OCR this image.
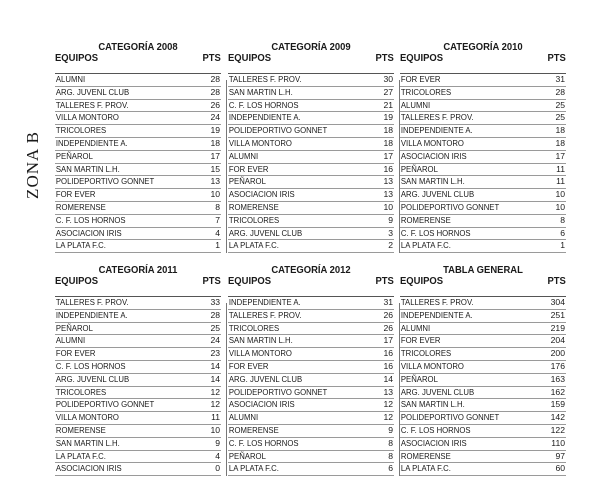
ZONA B
CATEGORÍA 2008
EQUIPOS	PTS
ALUMNI	28
ARG. JUVENL CLUB	28
TALLERES F. PROV.	26
VILLA MONTORO	24
TRICOLORES	19
INDEPENDIENTE A.	18
PEÑAROL	17
SAN MARTIN L.H.	15
POLIDEPORTIVO GONNET	13
FOR EVER	10
ROMERENSE	8
C. F. LOS HORNOS	7
ASOCIACION IRIS	4
LA PLATA F.C.	1
CATEGORÍA 2009
EQUIPOS	PTS
TALLERES F. PROV.	30
SAN MARTIN L.H.	27
C. F. LOS HORNOS	21
INDEPENDIENTE A.	19
POLIDEPORTIVO GONNET	18
VILLA MONTORO	18
ALUMNI	17
FOR EVER	16
PEÑAROL	13
ASOCIACION IRIS	13
ROMERENSE	10
TRICOLORES	9
ARG. JUVENL CLUB	3
LA PLATA F.C.	2
CATEGORÍA 2010
EQUIPOS	PTS
FOR EVER	31
TRICOLORES	28
ALUMNI	25
TALLERES F. PROV.	25
INDEPENDIENTE A.	18
VILLA MONTORO	18
ASOCIACION IRIS	17
PEÑAROL	11
SAN MARTIN L.H.	11
ARG. JUVENL CLUB	10
POLIDEPORTIVO GONNET	10
ROMERENSE	8
C. F. LOS HORNOS	6
LA PLATA F.C.	1
CATEGORÍA 2011
EQUIPOS	PTS
TALLERES F. PROV.	33
INDEPENDIENTE A.	28
PEÑAROL	25
ALUMNI	24
FOR EVER	23
C. F. LOS HORNOS	14
ARG. JUVENL CLUB	14
TRICOLORES	12
POLIDEPORTIVO GONNET	12
VILLA MONTORO	11
ROMERENSE	10
SAN MARTIN L.H.	9
LA PLATA F.C.	4
ASOCIACION IRIS	0
CATEGORÍA 2012
EQUIPOS	PTS
INDEPENDIENTE A.	31
TALLERES F. PROV.	26
TRICOLORES	26
SAN MARTIN L.H.	17
VILLA MONTORO	16
FOR EVER	16
ARG. JUVENL CLUB	14
POLIDEPORTIVO GONNET	13
ASOCIACION IRIS	12
ALUMNI	12
ROMERENSE	9
C. F. LOS HORNOS	8
PEÑAROL	8
LA PLATA F.C.	6
TABLA GENERAL
EQUIPOS	PTS
TALLERES F. PROV.	304
INDEPENDIENTE A.	251
ALUMNI	219
FOR EVER	204
TRICOLORES	200
VILLA MONTORO	176
PEÑAROL	163
ARG. JUVENL CLUB	162
SAN MARTIN L.H.	159
POLIDEPORTIVO GONNET	142
C. F. LOS HORNOS	122
ASOCIACION IRIS	110
ROMERENSE	97
LA PLATA F.C.	60
